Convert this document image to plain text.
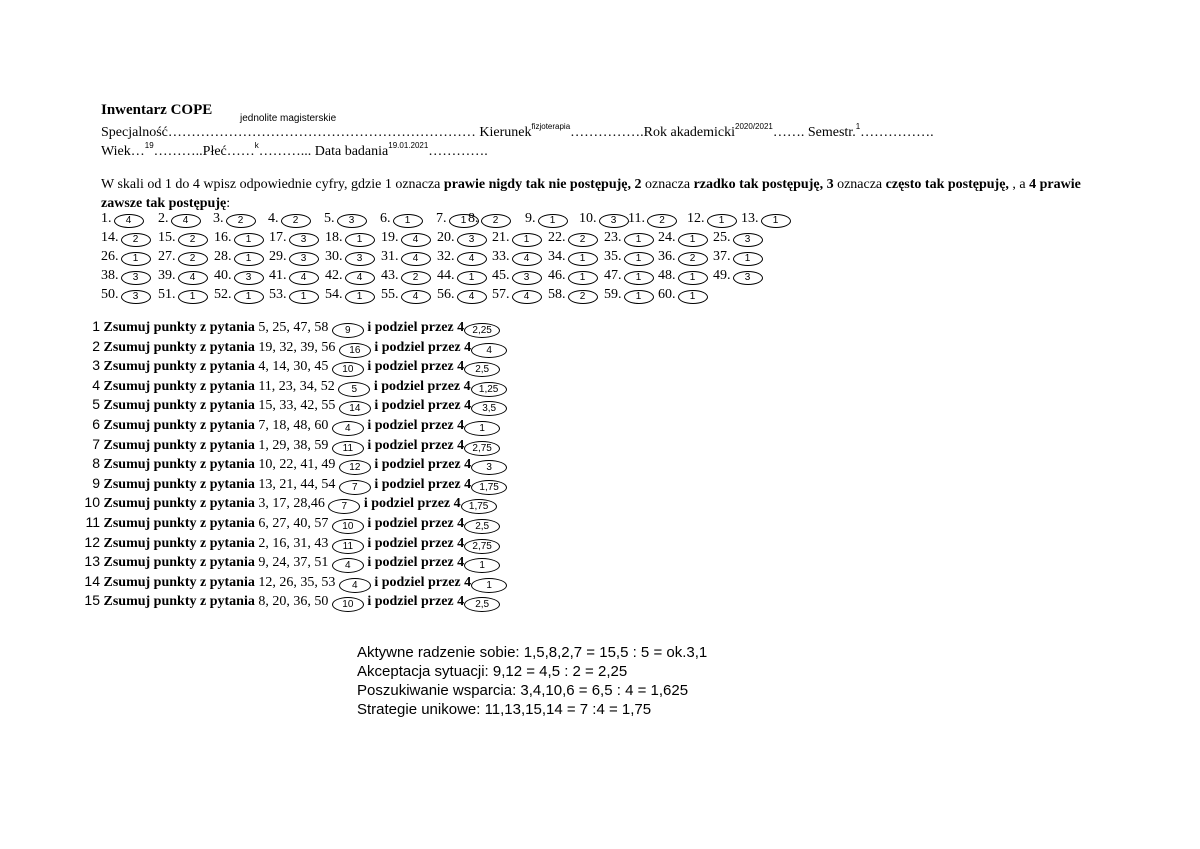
Inwentarz COPE
jednolite magisterskie
Specjalność………………………………………………………… Kierunek$^{fizjoterapia}$…………….Rok akademicki$^{2020/2021}$……. Semestr.$^1$…………….
Wiek…$^{19}$………..Płeć……$^k$………... Data badania$^{19.01.2021}$………….
W skali od 1 do 4 wpisz odpowiednie cyfry, gdzie 1 oznacza prawie nigdy tak nie postępuję, 2 oznacza rzadko tak postępuję, 3 oznacza często tak postępuję, , a 4 prawie zawsze tak postępuję:
1. 4	2. 4	3. 2	4. 2	5. 3	6. 1	7. 1 8. 2	9. 1	10. 3 11. 2	12. 1	13. 1
14. 2	15. 2	16. 1	17. 3	18. 1	19. 4	20. 3	21. 1	22. 2	23. 1	24. 1	25. 3
26. 1	27. 2	28. 1	29. 3	30. 3	31. 4	32. 4	33. 4	34. 1	35. 1	36. 2	37. 1
38. 3	39. 4	40. 3	41. 4	42. 4	43. 2	44. 1	45. 3	46. 1	47. 1	48. 1	49. 3
50. 3	51. 1	52. 1	53. 1	54. 1	55. 4	56. 4	57. 4	58. 2	59. 1	60. 1
1 Zsumuj punkty z pytania 5, 25, 47, 58 9 i podziel przez 4 2,25
2 Zsumuj punkty z pytania 19, 32, 39, 56 16 i podziel przez 4 4
3 Zsumuj punkty z pytania 4, 14, 30, 45 10 i podziel przez 4 2,5
4 Zsumuj punkty z pytania 11, 23, 34, 52 5 i podziel przez 4 1,25
5 Zsumuj punkty z pytania 15, 33, 42, 55 14 i podziel przez 4 3,5
6 Zsumuj punkty z pytania 7, 18, 48, 60 4 i podziel przez 4 1
7 Zsumuj punkty z pytania 1, 29, 38, 59 11 i podziel przez 4 2,75
8 Zsumuj punkty z pytania 10, 22, 41, 49 12 i podziel przez 4 3
9 Zsumuj punkty z pytania 13, 21, 44, 54 7 i podziel przez 4 1,75
10 Zsumuj punkty z pytania 3, 17, 28,46 7 i podziel przez 4 1,75
11 Zsumuj punkty z pytania 6, 27, 40, 57 10 i podziel przez 4 2,5
12 Zsumuj punkty z pytania 2, 16, 31, 43 11 i podziel przez 4 2,75
13 Zsumuj punkty z pytania 9, 24, 37, 51 4 i podziel przez 4 1
14 Zsumuj punkty z pytania 12, 26, 35, 53 4 i podziel przez 4 1
15 Zsumuj punkty z pytania 8, 20, 36, 50 10 i podziel przez 4 2,5
Aktywne radzenie sobie: 1,5,8,2,7 = 15,5 : 5 = ok.3,1
Akceptacja sytuacji: 9,12 = 4,5 : 2 = 2,25
Poszukiwanie wsparcia: 3,4,10,6 = 6,5 : 4 = 1,625
Strategie unikowe: 11,13,15,14 = 7 :4 = 1,75
